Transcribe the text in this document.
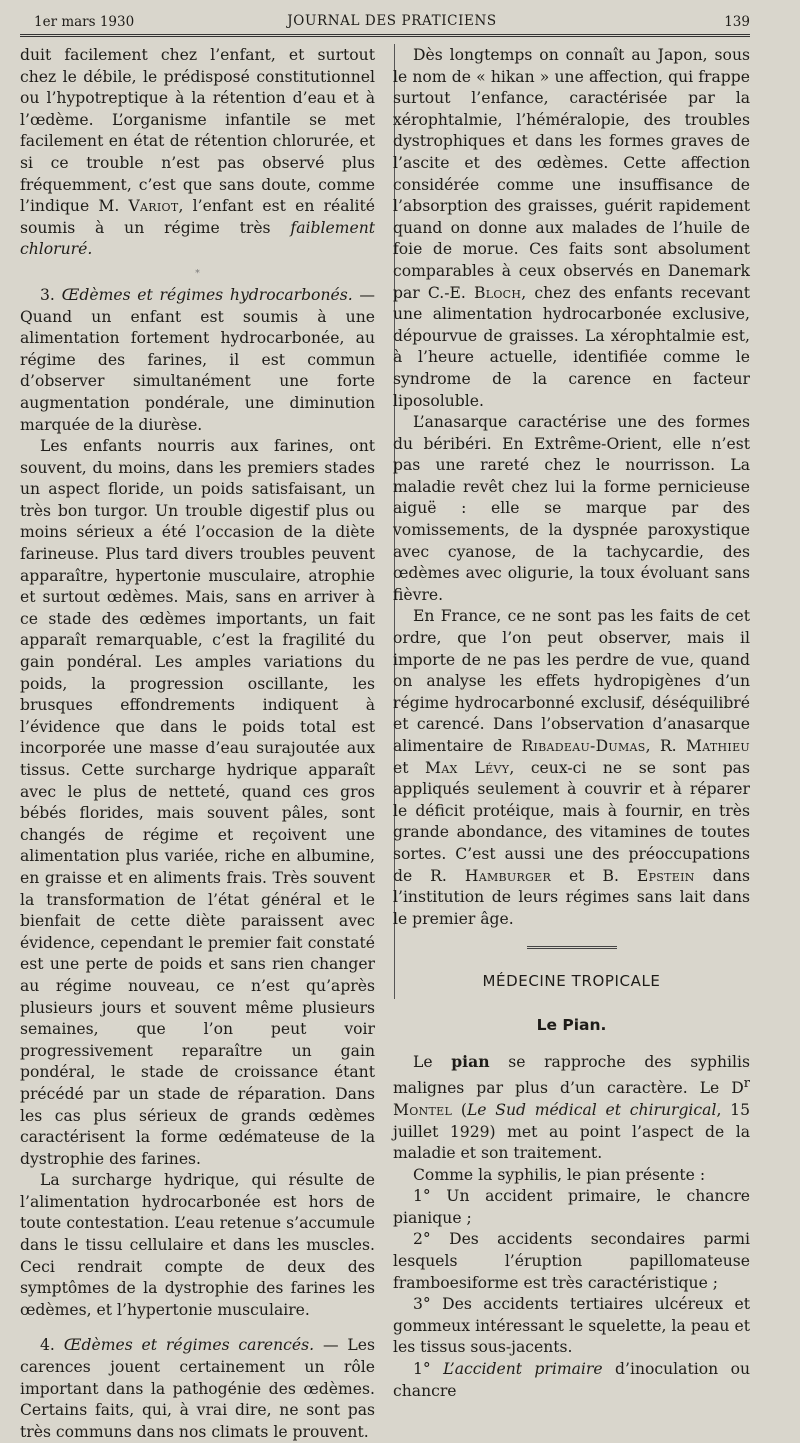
1er mars 1930	JOURNAL DES PRATICIENS	139

duit facilement chez l’enfant, et surtout chez le débile, le prédisposé constitutionnel ou l’hypotreptique à la rétention d’eau et à l’œdème. L’organisme infantile se met facilement en état de rétention chlorurée, et si ce trouble n’est pas observé plus fréquemment, c’est que sans doute, comme l’indique M. Variot, l’enfant est en réalité soumis à un régime très faiblement chloruré.

*

3. Œdèmes et régimes hydrocarbonés. — Quand un enfant est soumis à une alimentation fortement hydrocarbonée, au régime des farines, il est commun d’observer simultanément une forte augmentation pondérale, une diminution marquée de la diurèse.

Les enfants nourris aux farines, ont souvent, du moins, dans les premiers stades un aspect floride, un poids satisfaisant, un très bon turgor. Un trouble digestif plus ou moins sérieux a été l’occasion de la diète farineuse. Plus tard divers troubles peuvent apparaître, hypertonie musculaire, atrophie et surtout œdèmes. Mais, sans en arriver à ce stade des œdèmes importants, un fait apparaît remarquable, c’est la fragilité du gain pondéral. Les amples variations du poids, la progression oscillante, les brusques effondrements indiquent à l’évidence que dans le poids total est incorporée une masse d’eau surajoutée aux tissus. Cette surcharge hydrique apparaît avec le plus de netteté, quand ces gros bébés florides, mais souvent pâles, sont changés de régime et reçoivent une alimentation plus variée, riche en albumine, en graisse et en aliments frais. Très souvent la transformation de l’état général et le bienfait de cette diète paraissent avec évidence, cependant le premier fait constaté est une perte de poids et sans rien changer au régime nouveau, ce n’est qu’après plusieurs jours et souvent même plusieurs semaines, que l’on peut voir progressivement reparaître un gain pondéral, le stade de croissance étant précédé par un stade de réparation. Dans les cas plus sérieux de grands œdèmes caractérisent la forme œdémateuse de la dystrophie des farines.

La surcharge hydrique, qui résulte de l’alimentation hydrocarbonée est hors de toute contestation. L’eau retenue s’accumule dans le tissu cellulaire et dans les muscles. Ceci rendrait compte de deux des symptômes de la dystrophie des farines les œdèmes, et l’hypertonie musculaire.

4. Œdèmes et régimes carencés. — Les carences jouent certainement un rôle important dans la pathogénie des œdèmes. Certains faits, qui, à vrai dire, ne sont pas très communs dans nos climats le prouvent.

Dès longtemps on connaît au Japon, sous le nom de « hikan » une affection, qui frappe surtout l’enfance, caractérisée par la xérophtalmie, l’héméralopie, des troubles dystrophiques et dans les formes graves de l’ascite et des œdèmes. Cette affection considérée comme une insuffisance de l’absorption des graisses, guérit rapidement quand on donne aux malades de l’huile de foie de morue. Ces faits sont absolument comparables à ceux observés en Danemark par C.-E. Bloch, chez des enfants recevant une alimentation hydrocarbonée exclusive, dépourvue de graisses. La xérophtalmie est, à l’heure actuelle, identifiée comme le syndrome de la carence en facteur liposoluble.

L’anasarque caractérise une des formes du béribéri. En Extrême-Orient, elle n’est pas une rareté chez le nourrisson. La maladie revêt chez lui la forme pernicieuse aiguë : elle se marque par des vomissements, de la dyspnée paroxystique avec cyanose, de la tachycardie, des œdèmes avec oligurie, la toux évoluant sans fièvre.

En France, ce ne sont pas les faits de cet ordre, que l’on peut observer, mais il importe de ne pas les perdre de vue, quand on analyse les effets hydropigènes d’un régime hydrocarbonné exclusif, déséquilibré et carencé. Dans l’observation d’anasarque alimentaire de Ribadeau-Dumas, R. Mathieu et Max Lévy, ceux-ci ne se sont pas appliqués seulement à couvrir et à réparer le déficit protéique, mais à fournir, en très grande abondance, des vitamines de toutes sortes. C’est aussi une des préoccupations de R. Hamburger et B. Epstein dans l’institution de leurs régimes sans lait dans le premier âge.

MÉDECINE TROPICALE
Le Pian.

Le pian se rapproche des syphilis malignes par plus d’un caractère. Le $D^r$ Montel (Le Sud médical et chirurgical, 15 juillet 1929) met au point l’aspect de la maladie et son traitement.

Comme la syphilis, le pian présente :

1° Un accident primaire, le chancre pianique ;

2° Des accidents secondaires parmi lesquels l’éruption papillomateuse framboesiforme est très caractéristique ;

3° Des accidents tertiaires ulcéreux et gommeux intéressant le squelette, la peau et les tissus sous-jacents.

1° L’accident primaire d’inoculation ou chancre
